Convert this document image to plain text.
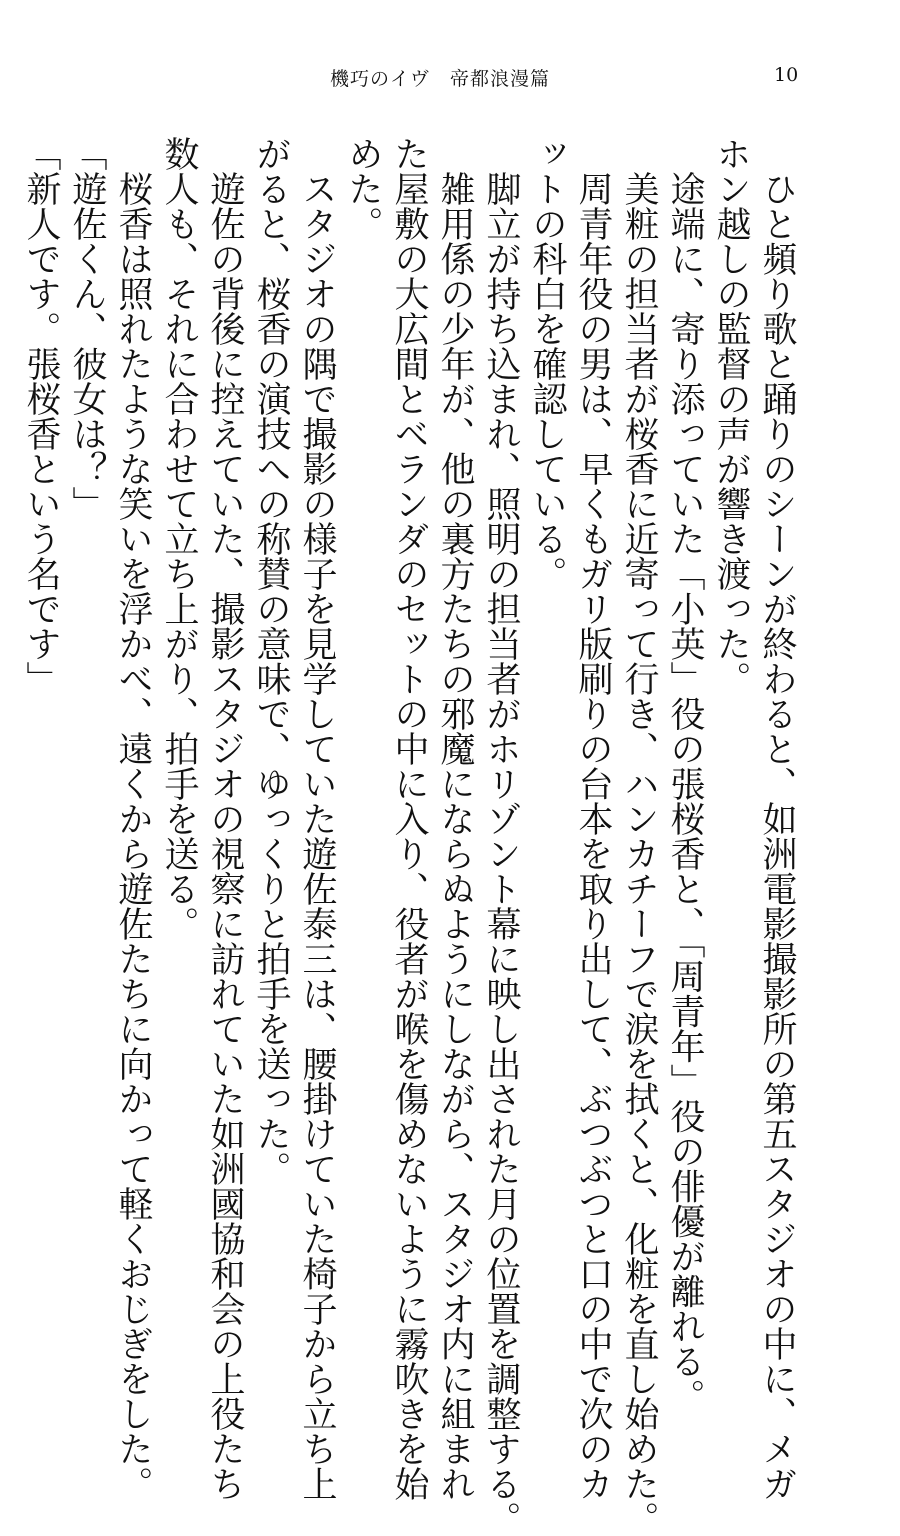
機巧のイヴ　帝都浪漫篇	10
ひと頻り歌と踊りのシーンが終わると、如洲電影撮影所の第五スタジオの中に、メガ
ホン越しの監督の声が響き渡った。
途端に、寄り添っていた「小英」役の張桜香と、「周青年」役の俳優が離れる。
美粧の担当者が桜香に近寄って行き、ハンカチーフで涙を拭くと、化粧を直し始めた。
周青年役の男は、早くもガリ版刷りの台本を取り出して、ぶつぶつと口の中で次のカ
ットの科白を確認している。
脚立が持ち込まれ、照明の担当者がホリゾント幕に映し出された月の位置を調整する。
雑用係の少年が、他の裏方たちの邪魔にならぬようにしながら、スタジオ内に組まれ
た屋敷の大広間とベランダのセットの中に入り、役者が喉を傷めないように霧吹きを始
めた。
スタジオの隅で撮影の様子を見学していた遊佐泰三は、腰掛けていた椅子から立ち上
がると、桜香の演技への称賛の意味で、ゆっくりと拍手を送った。
遊佐の背後に控えていた、撮影スタジオの視察に訪れていた如洲國協和会の上役たち
数人も、それに合わせて立ち上がり、拍手を送る。
桜香は照れたような笑いを浮かべ、遠くから遊佐たちに向かって軽くおじぎをした。
「遊佐くん、彼女は？」
「新人です。張桜香という名です」
